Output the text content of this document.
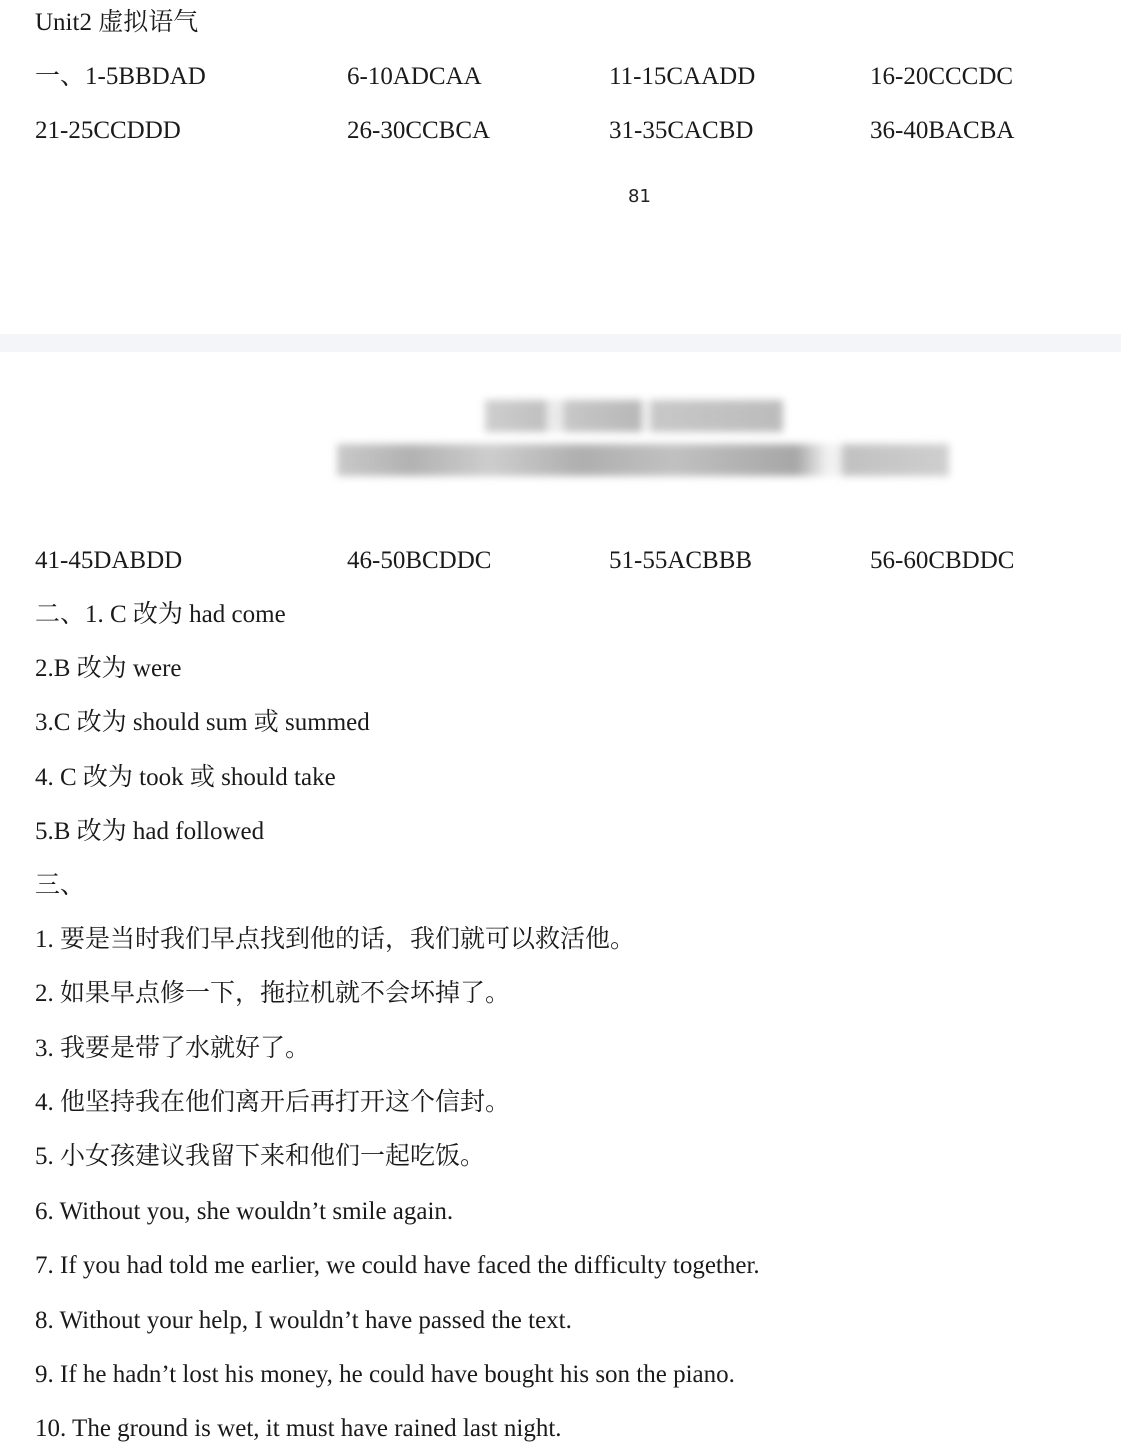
Unit2 虚拟语气
一、1-5BBDAD	6-10ADCAA	11-15CAADD	16-20CCCDC
21-25CCDDD	26-30CCBCA	31-35CACBD	36-40BACBA
81
41-45DABDD	46-50BCDDC	51-55ACBBB	56-60CBDDC
二、1. C 改为 had come
2.B 改为 were
3.C 改为 should sum 或 summed
4. C 改为 took 或 should take
5.B 改为 had followed
三、
1. 要是当时我们早点找到他的话，我们就可以救活他。
2. 如果早点修一下，拖拉机就不会坏掉了。
3. 我要是带了水就好了。
4. 他坚持我在他们离开后再打开这个信封。
5. 小女孩建议我留下来和他们一起吃饭。
6. Without you, she wouldn’t smile again.
7. If you had told me earlier, we could have faced the difficulty together.
8. Without your help, I wouldn’t have passed the text.
9. If he hadn’t lost his money, he could have bought his son the piano.
10. The ground is wet, it must have rained last night.
